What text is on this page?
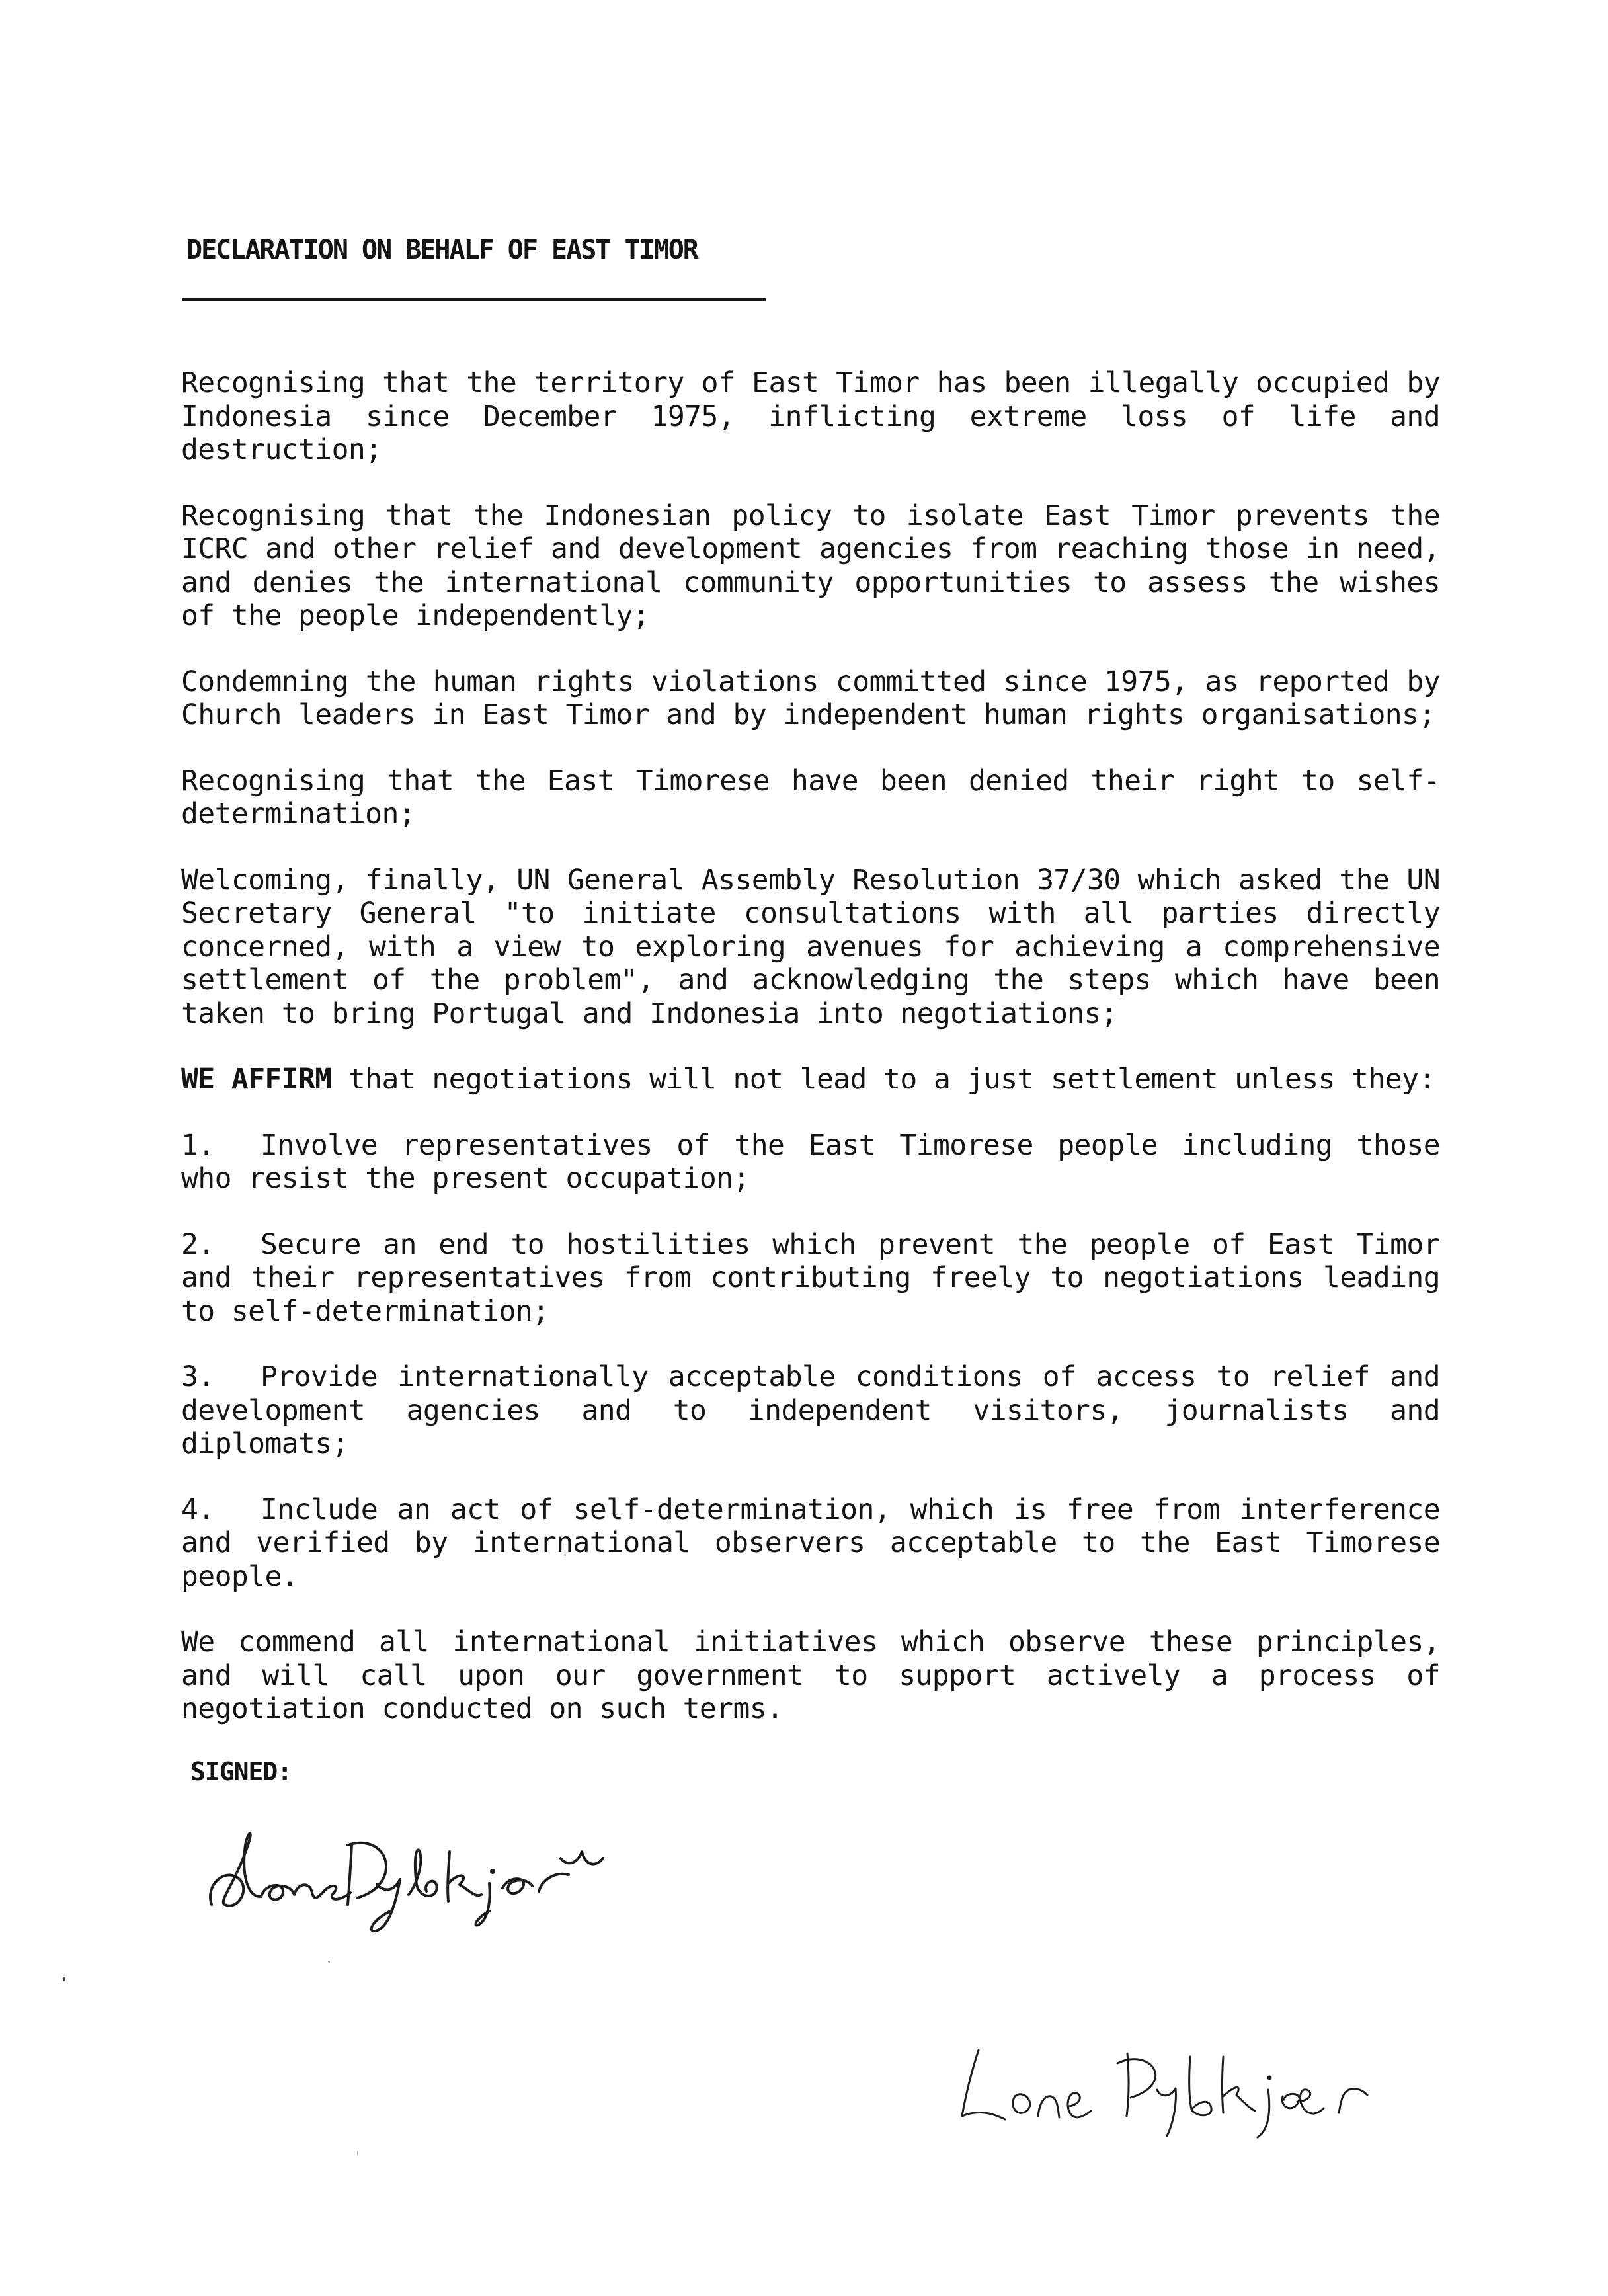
DECLARATION ON BEHALF OF EAST TIMOR

Recognising that the territory of East Timor has been illegally occupied by Indonesia since December 1975, inflicting extreme loss of life and destruction;

Recognising that the Indonesian policy to isolate East Timor prevents the ICRC and other relief and development agencies from reaching those in need, and denies the international community opportunities to assess the wishes of the people independently;

Condemning the human rights violations committed since 1975, as reported by Church leaders in East Timor and by independent human rights organisations;

Recognising that the East Timorese have been denied their right to self-determination;

Welcoming, finally, UN General Assembly Resolution 37/30 which asked the UN Secretary General "to initiate consultations with all parties directly concerned, with a view to exploring avenues for achieving a comprehensive settlement of the problem", and acknowledging the steps which have been taken to bring Portugal and Indonesia into negotiations;

WE AFFIRM that negotiations will not lead to a just settlement unless they:

1. Involve representatives of the East Timorese people including those who resist the present occupation;

2. Secure an end to hostilities which prevent the people of East Timor and their representatives from contributing freely to negotiations leading to self-determination;

3. Provide internationally acceptable conditions of access to relief and development agencies and to independent visitors, journalists and diplomats;

4. Include an act of self-determination, which is free from interference and verified by international observers acceptable to the East Timorese people.

We commend all international initiatives which observe these principles, and will call upon our government to support actively a process of negotiation conducted on such terms.

SIGNED:
